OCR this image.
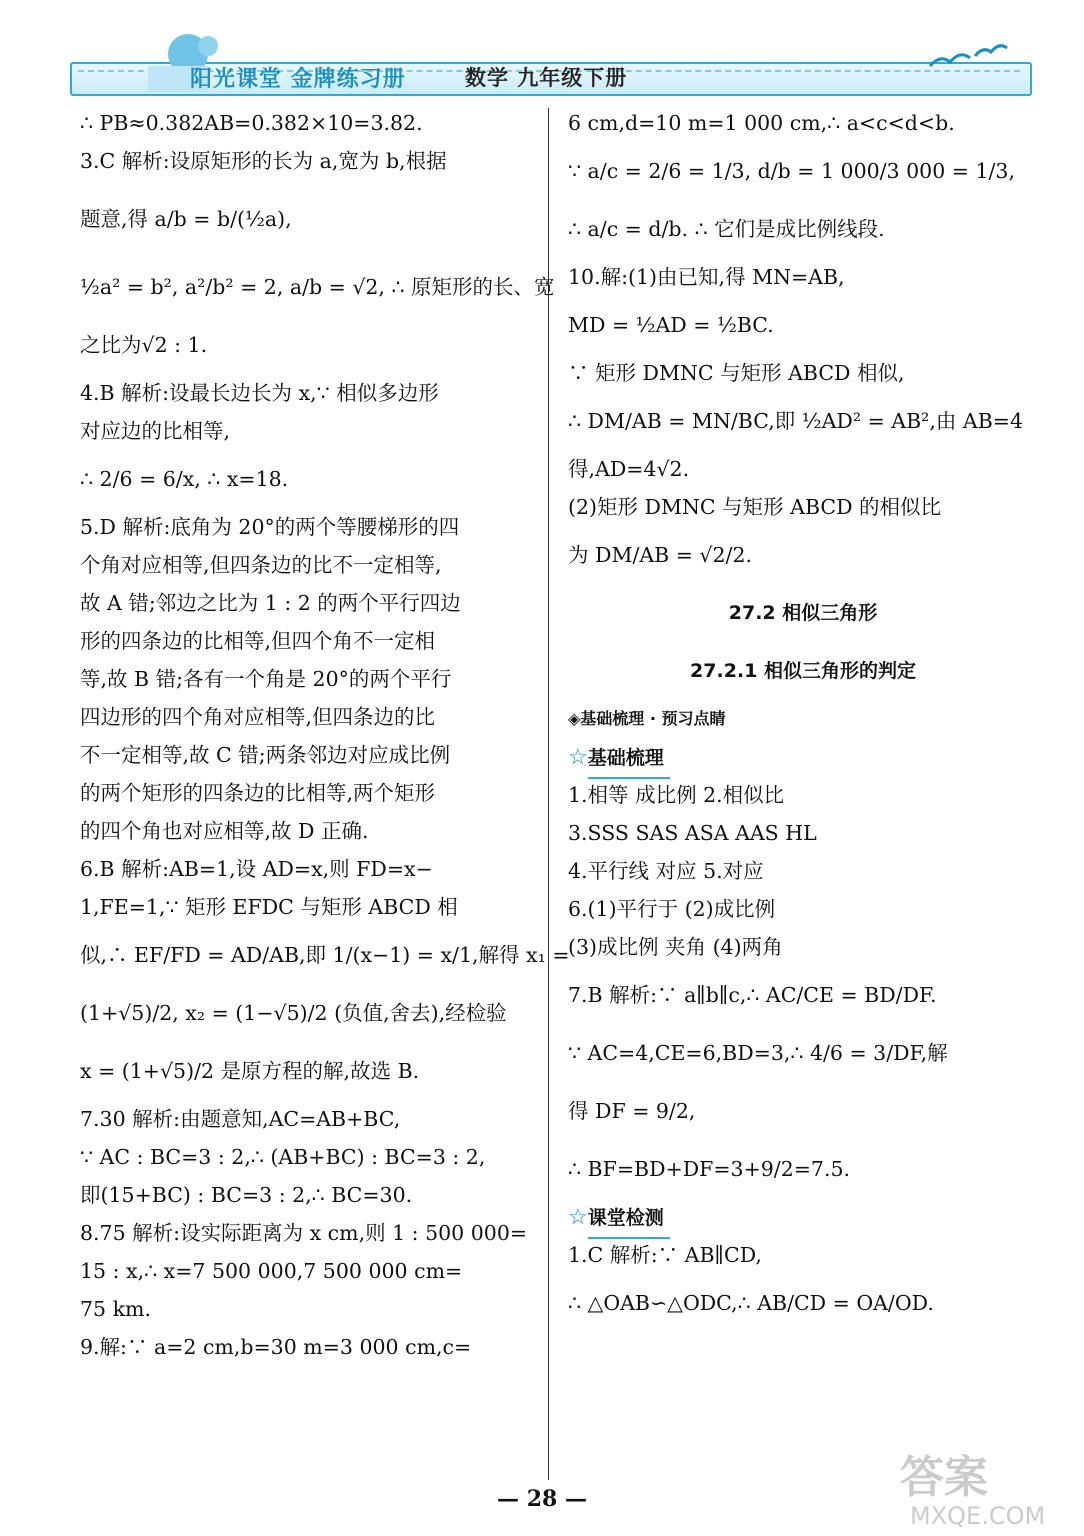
阳光课堂 金牌练习册	数学 九年级下册
∴ PB≈0.382AB=0.382×10=3.82.
3.C 解析:设原矩形的长为 a,宽为 b,根据
题意,得 a/b = b/(½a),
½a² = b², a²/b² = 2, a/b = √2, ∴ 原矩形的长、宽
之比为√2 : 1.
4.B 解析:设最长边长为 x,∵ 相似多边形
对应边的比相等,
∴ 2/6 = 6/x, ∴ x=18.
5.D 解析:底角为 20°的两个等腰梯形的四
个角对应相等,但四条边的比不一定相等,
故 A 错;邻边之比为 1 : 2 的两个平行四边
形的四条边的比相等,但四个角不一定相
等,故 B 错;各有一个角是 20°的两个平行
四边形的四个角对应相等,但四条边的比
不一定相等,故 C 错;两条邻边对应成比例
的两个矩形的四条边的比相等,两个矩形
的四个角也对应相等,故 D 正确.
6.B 解析:AB=1,设 AD=x,则 FD=x−
1,FE=1,∵ 矩形 EFDC 与矩形 ABCD 相
似,∴ EF/FD = AD/AB,即 1/(x−1) = x/1,解得 x₁ =
(1+√5)/2, x₂ = (1−√5)/2 (负值,舍去),经检验
x = (1+√5)/2 是原方程的解,故选 B.
7.30 解析:由题意知,AC=AB+BC,
∵ AC : BC=3 : 2,∴ (AB+BC) : BC=3 : 2,
即(15+BC) : BC=3 : 2,∴ BC=30.
8.75 解析:设实际距离为 x cm,则 1 : 500 000=
15 : x,∴ x=7 500 000,7 500 000 cm=
75 km.
9.解:∵ a=2 cm,b=30 m=3 000 cm,c=
6 cm,d=10 m=1 000 cm,∴ a<c<d<b.
∵ a/c = 2/6 = 1/3, d/b = 1 000/3 000 = 1/3,
∴ a/c = d/b. ∴ 它们是成比例线段.
10.解:(1)由已知,得 MN=AB,
MD = ½AD = ½BC.
∵ 矩形 DMNC 与矩形 ABCD 相似,
∴ DM/AB = MN/BC,即 ½AD² = AB²,由 AB=4
得,AD=4√2.
(2)矩形 DMNC 与矩形 ABCD 的相似比
为 DM/AB = √2/2.
27.2 相似三角形
27.2.1 相似三角形的判定
◈基础梳理 · 预习点睛
☆基础梳理
1.相等 成比例 2.相似比
3.SSS SAS ASA AAS HL
4.平行线 对应 5.对应
6.(1)平行于 (2)成比例
(3)成比例 夹角 (4)两角
7.B 解析:∵ a∥b∥c,∴ AC/CE = BD/DF.
∵ AC=4,CE=6,BD=3,∴ 4/6 = 3/DF,解
得 DF = 9/2,
∴ BF=BD+DF=3+9/2=7.5.
☆课堂检测
1.C 解析:∵ AB∥CD,
∴ △OAB∽△ODC,∴ AB/CD = OA/OD.
— 28 —	答案
MXQE.COM
